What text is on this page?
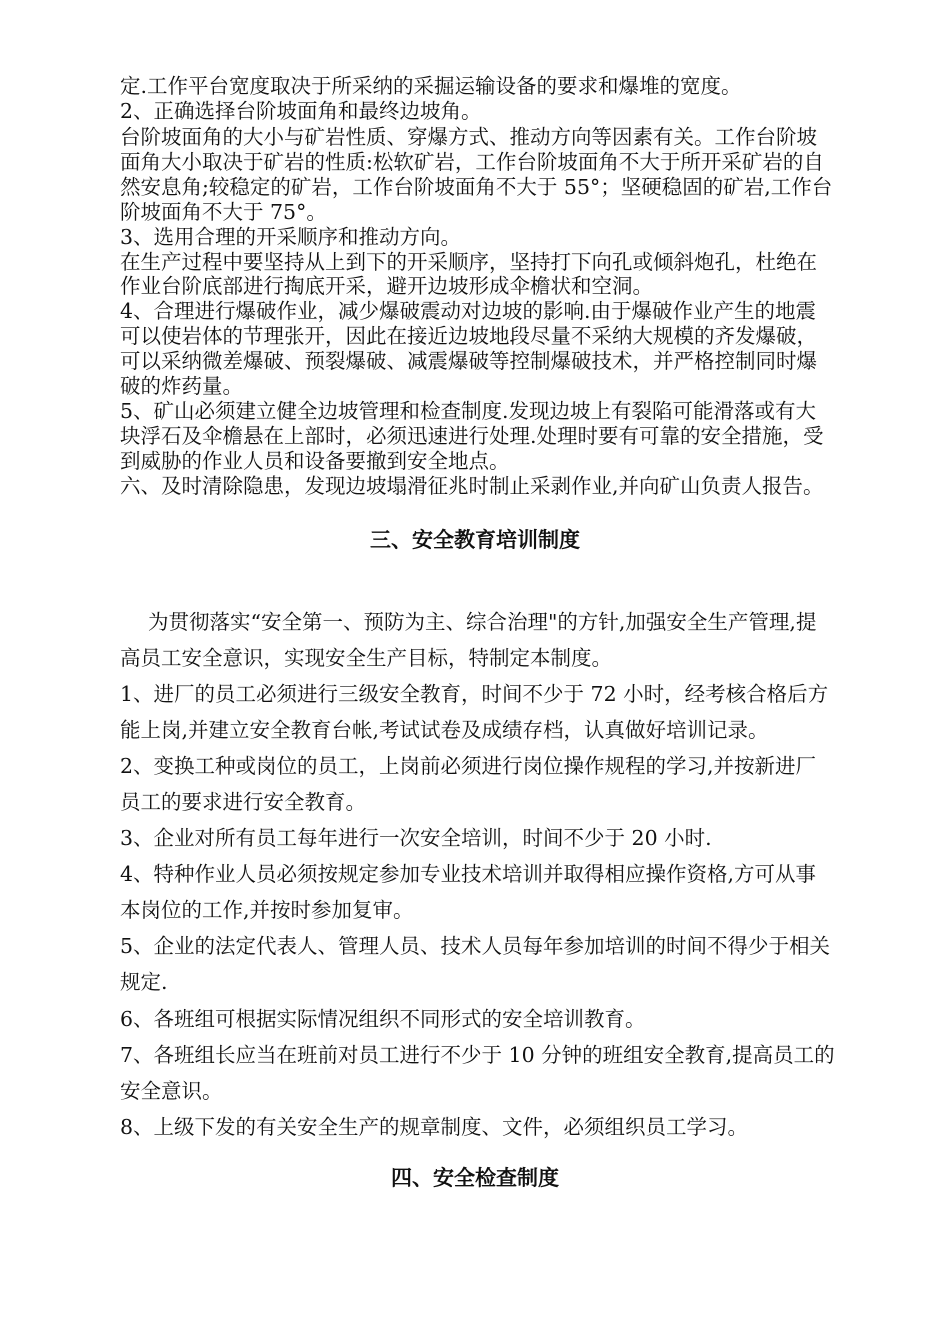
定.工作平台宽度取决于所采纳的采掘运输设备的要求和爆堆的宽度。

2、正确选择台阶坡面角和最终边坡角。

台阶坡面角的大小与矿岩性质、穿爆方式、推动方向等因素有关。工作台阶坡

面角大小取决于矿岩的性质:松软矿岩，工作台阶坡面角不大于所开采矿岩的自

然安息角;较稳定的矿岩，工作台阶坡面角不大于 55°；坚硬稳固的矿岩,工作台

阶坡面角不大于 75°。

3、选用合理的开采顺序和推动方向。

在生产过程中要坚持从上到下的开采顺序，坚持打下向孔或倾斜炮孔，杜绝在

作业台阶底部进行掏底开采，避开边坡形成伞檐状和空洞。

4、合理进行爆破作业，减少爆破震动对边坡的影响.由于爆破作业产生的地震

可以使岩体的节理张开，因此在接近边坡地段尽量不采纳大规模的齐发爆破，

可以采纳微差爆破、预裂爆破、减震爆破等控制爆破技术，并严格控制同时爆

破的炸药量。

5、矿山必须建立健全边坡管理和检查制度.发现边坡上有裂陷可能滑落或有大

块浮石及伞檐悬在上部时，必须迅速进行处理.处理时要有可靠的安全措施，受

到威胁的作业人员和设备要撤到安全地点。

六、及时清除隐患，发现边坡塌滑征兆时制止采剥作业,并向矿山负责人报告。

三、安全教育培训制度

为贯彻落实“安全第一、预防为主、综合治理"的方针,加强安全生产管理,提

高员工安全意识，实现安全生产目标，特制定本制度。

1、进厂的员工必须进行三级安全教育，时间不少于 72 小时，经考核合格后方

能上岗,并建立安全教育台帐,考试试卷及成绩存档，认真做好培训记录。

2、变换工种或岗位的员工，上岗前必须进行岗位操作规程的学习,并按新进厂

员工的要求进行安全教育。

3、企业对所有员工每年进行一次安全培训，时间不少于 20 小时.

4、特种作业人员必须按规定参加专业技术培训并取得相应操作资格,方可从事

本岗位的工作,并按时参加复审。

5、企业的法定代表人、管理人员、技术人员每年参加培训的时间不得少于相关

规定.

6、各班组可根据实际情况组织不同形式的安全培训教育。

7、各班组长应当在班前对员工进行不少于 10 分钟的班组安全教育,提高员工的

安全意识。

8、上级下发的有关安全生产的规章制度、文件，必须组织员工学习。

四、安全检查制度
